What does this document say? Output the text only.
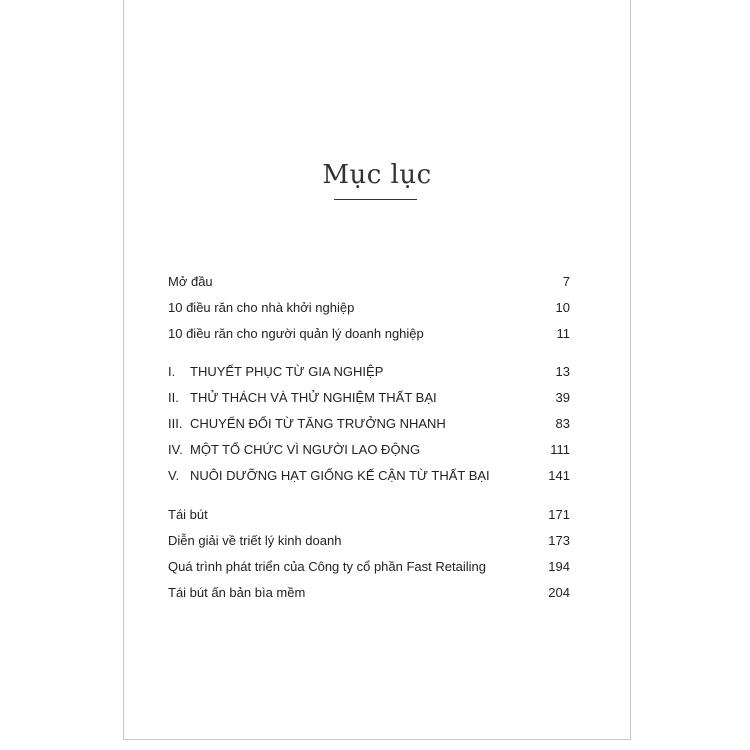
Mục lục
Mở đầu	7
10 điều răn cho nhà khởi nghiệp	10
10 điều răn cho người quản lý doanh nghiệp	11
I. THUYẾT PHỤC TỪ GIA NGHIỆP	13
II. THỬ THÁCH VÀ THỬ NGHIỆM THẤT BẠI	39
III. CHUYỂN ĐỔI TỪ TĂNG TRƯỞNG NHANH	83
IV. MỘT TỔ CHỨC VÌ NGƯỜI LAO ĐỘNG	111
V. NUÔI DƯỠNG HẠT GIỐNG KẾ CẬN TỪ THẤT BẠI	141
Tái bút	171
Diễn giải về triết lý kinh doanh	173
Quá trình phát triển của Công ty cổ phần Fast Retailing	194
Tái bút ấn bản bìa mềm	204
